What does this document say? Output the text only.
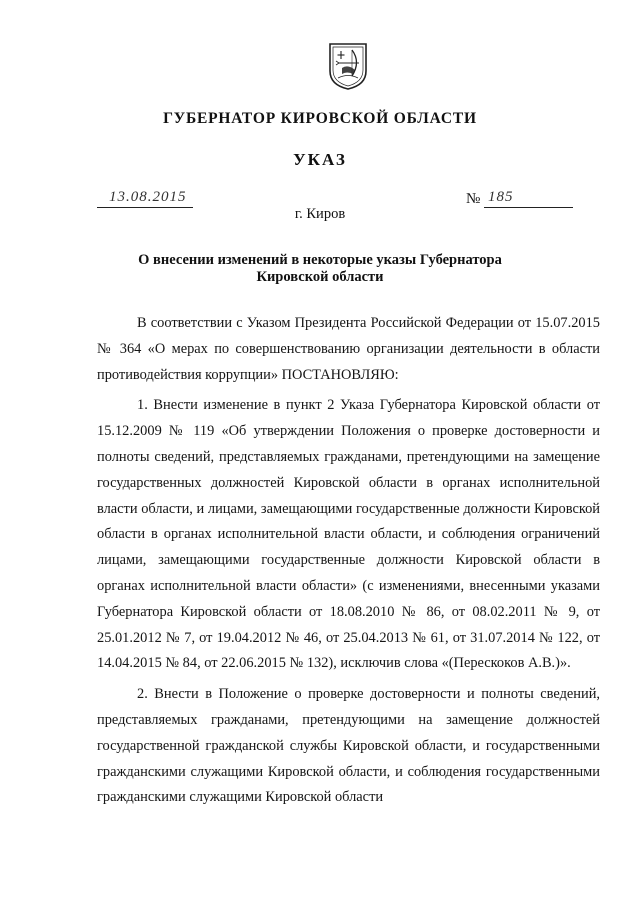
ГУБЕРНАТОР КИРОВСКОЙ ОБЛАСТИ
УКАЗ
13.08.2015	№ 185
г. Киров
О внесении изменений в некоторые указы Губернатора
Кировской области

В соответствии с Указом Президента Российской Федерации от 15.07.2015 № 364 «О мерах по совершенствованию организации деятельности в области противодействия коррупции» ПОСТАНОВЛЯЮ:

1. Внести изменение в пункт 2 Указа Губернатора Кировской области от 15.12.2009 № 119 «Об утверждении Положения о проверке достоверности и полноты сведений, представляемых гражданами, претендующими на замещение государственных должностей Кировской области в органах исполнительной власти области, и лицами, замещающими государственные должности Кировской области в органах исполнительной власти области, и соблюдения ограничений лицами, замещающими государственные должности Кировской области в органах исполнительной власти области» (с изменениями, внесенными указами Губернатора Кировской области от 18.08.2010 № 86, от 08.02.2011 № 9, от 25.01.2012 № 7, от 19.04.2012 № 46, от 25.04.2013 № 61, от 31.07.2014 № 122, от 14.04.2015 № 84, от 22.06.2015 № 132), исключив слова «(Перескоков А.В.)».

2. Внести в Положение о проверке достоверности и полноты сведений, представляемых гражданами, претендующими на замещение должностей государственной гражданской службы Кировской области, и государственными гражданскими служащими Кировской области, и соблюдения государственными гражданскими служащими Кировской области
